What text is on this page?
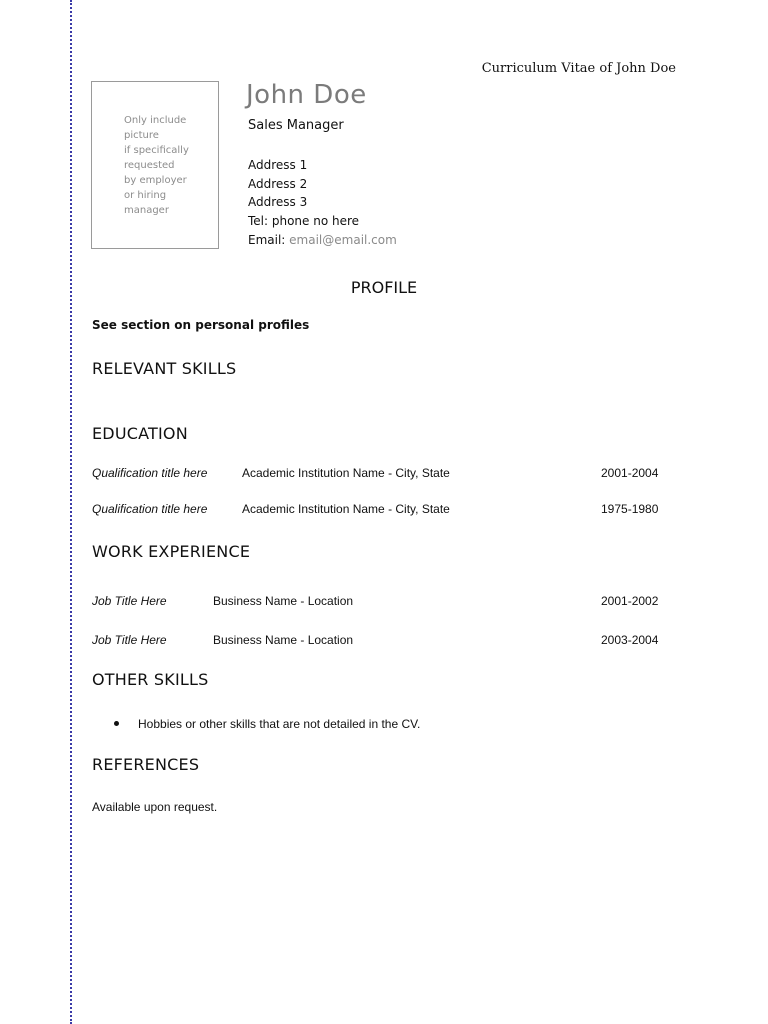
Curriculum Vitae of John Doe
Only include
picture
if specifically
requested
by employer
or hiring
manager
John Doe
Sales Manager
Address 1
Address 2
Address 3
Tel: phone no here
Email: email@email.com
PROFILE
See section on personal profiles
RELEVANT SKILLS
EDUCATION
Qualification title here	Academic Institution Name - City, State	2001-2004
Qualification title here	Academic Institution Name - City, State	1975-1980
WORK EXPERIENCE
Job Title Here	Business Name - Location	2001-2002
Job Title Here	Business Name - Location	2003-2004
OTHER SKILLS
Hobbies or other skills that are not detailed in the CV.
REFERENCES
Available upon request.
